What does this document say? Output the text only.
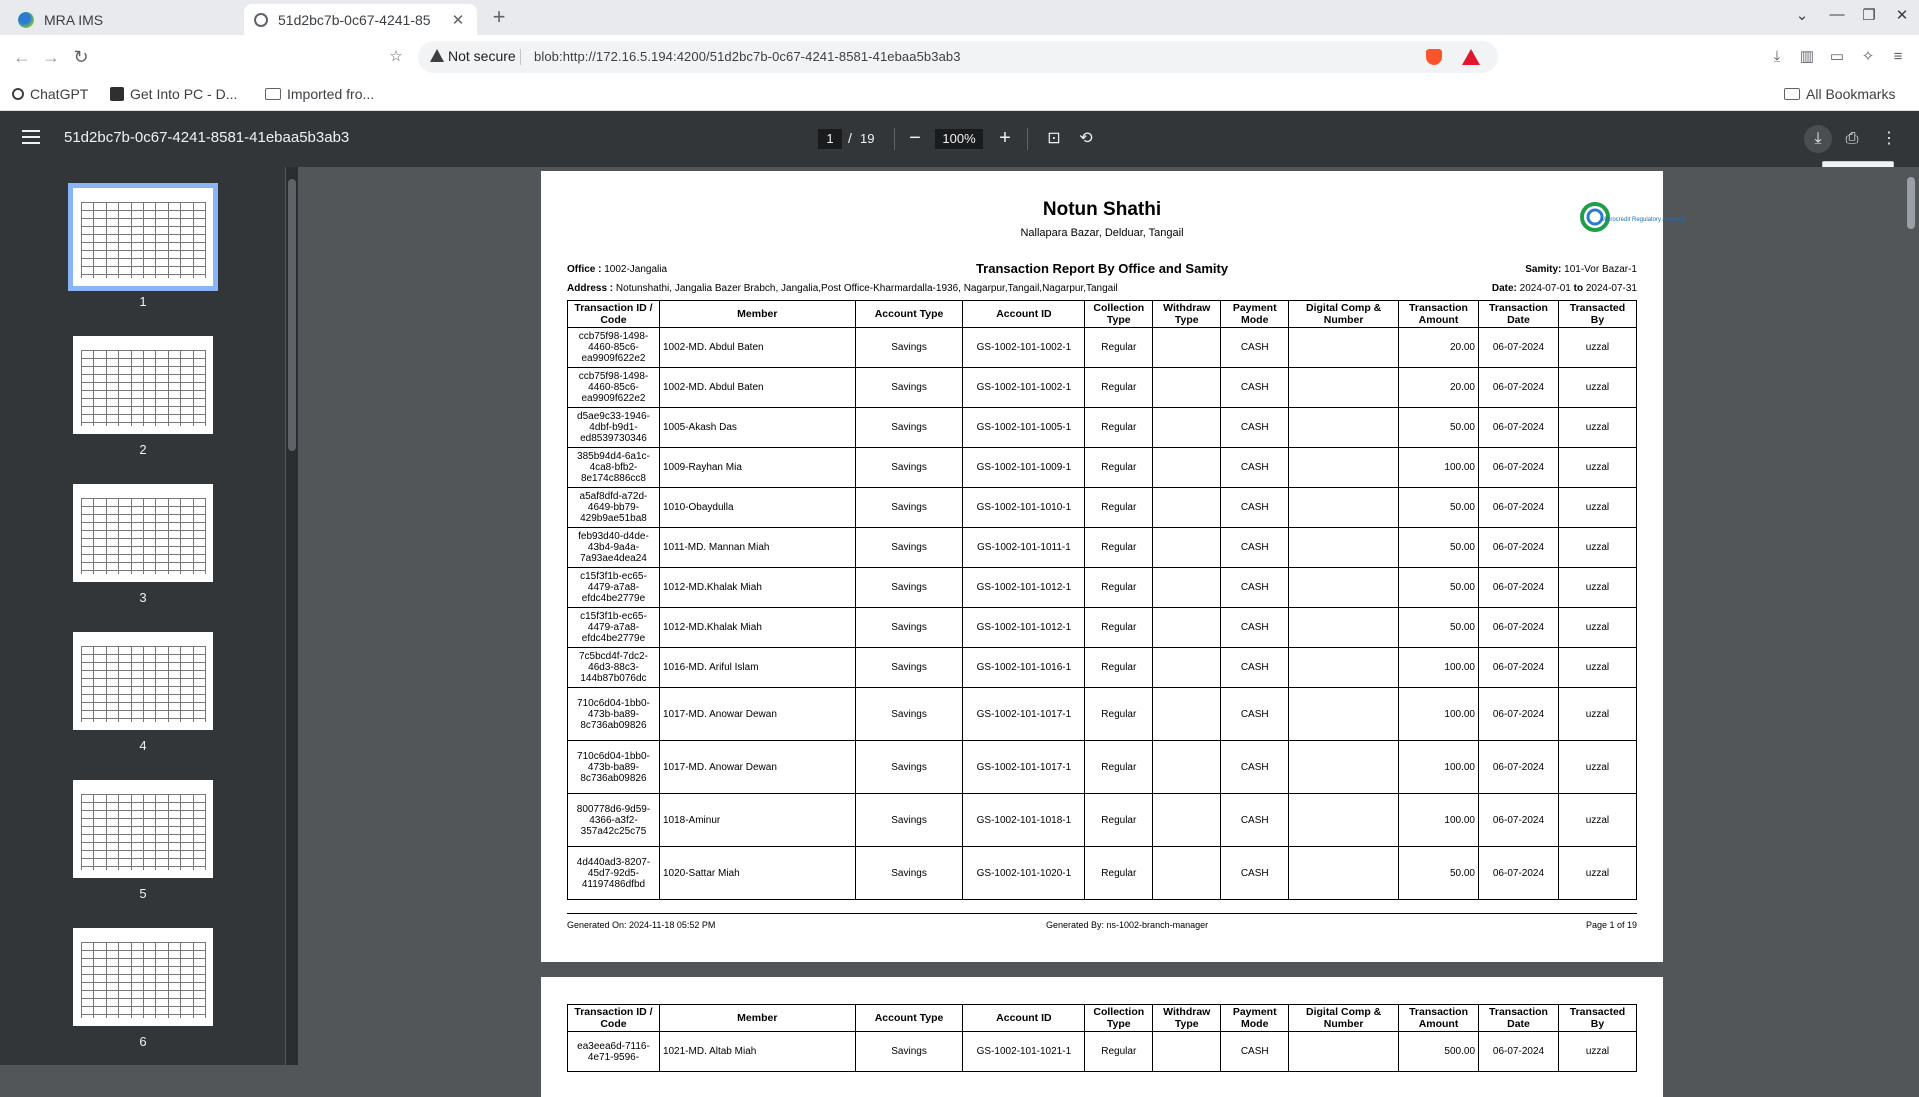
MRA IMS	51d2bc7b-0c67-4241-85	✕ +	⌄	—	❐	✕
← → ↻	☆	Not secure blob:http://172.16.5.194:4200/51d2bc7b-0c67-4241-8581-41ebaa5b3ab3	⤓	▥ ▭ ✧	≡
ChatGPT	Get Into PC - D...	Imported fro...	All Bookmarks
51d2bc7b-0c67-4241-8581-41ebaa5b3ab3	1	/ 19	−	100%	+	⊡ ⟲	⤓	⎙ ⋮
1
2
3
4
5
6
Notun Shathi
Nallapara Bazar, Delduar, Tangail
Microcredit Regulatory Authority
Transaction Report By Office and Samity
Office : 1002-Jangalia	Samity: 101-Vor Bazar-1
Address : Notunshathi, Jangalia Bazer Brabch, Jangalia,Post Office-Kharmardalla-1936, Nagarpur,Tangail,Nagarpur,Tangail	Date: 2024-07-01 to 2024-07-31
Transaction ID / Code	Member	Account Type	Account ID	Collection Type	Withdraw Type	Payment Mode	Digital Comp & Number	Transaction Amount	Transaction Date	Transacted By
ccb75f98-1498-4460-85c6-ea9909f622e2	1002-MD. Abdul Baten	Savings	GS-1002-101-1002-1	Regular		CASH		20.00	06-07-2024	uzzal
ccb75f98-1498-4460-85c6-ea9909f622e2	1002-MD. Abdul Baten	Savings	GS-1002-101-1002-1	Regular		CASH		20.00	06-07-2024	uzzal
d5ae9c33-1946-4dbf-b9d1-ed8539730346	1005-Akash Das	Savings	GS-1002-101-1005-1	Regular		CASH		50.00	06-07-2024	uzzal
385b94d4-6a1c-4ca8-bfb2-8e174c886cc8	1009-Rayhan Mia	Savings	GS-1002-101-1009-1	Regular		CASH		100.00	06-07-2024	uzzal
a5af8dfd-a72d-4649-bb79-429b9ae51ba8	1010-Obaydulla	Savings	GS-1002-101-1010-1	Regular		CASH		50.00	06-07-2024	uzzal
feb93d40-d4de-43b4-9a4a-7a93ae4dea24	1011-MD. Mannan Miah	Savings	GS-1002-101-1011-1	Regular		CASH		50.00	06-07-2024	uzzal
c15f3f1b-ec65-4479-a7a8-efdc4be2779e	1012-MD.Khalak Miah	Savings	GS-1002-101-1012-1	Regular		CASH		50.00	06-07-2024	uzzal
c15f3f1b-ec65-4479-a7a8-efdc4be2779e	1012-MD.Khalak Miah	Savings	GS-1002-101-1012-1	Regular		CASH		50.00	06-07-2024	uzzal
7c5bcd4f-7dc2-46d3-88c3-144b87b076dc	1016-MD. Ariful Islam	Savings	GS-1002-101-1016-1	Regular		CASH		100.00	06-07-2024	uzzal
710c6d04-1bb0-473b-ba89-8c736ab09826	1017-MD. Anowar Dewan	Savings	GS-1002-101-1017-1	Regular		CASH		100.00	06-07-2024	uzzal
710c6d04-1bb0-473b-ba89-8c736ab09826	1017-MD. Anowar Dewan	Savings	GS-1002-101-1017-1	Regular		CASH		100.00	06-07-2024	uzzal
800778d6-9d59-4366-a3f2-357a42c25c75	1018-Aminur	Savings	GS-1002-101-1018-1	Regular		CASH		100.00	06-07-2024	uzzal
4d440ad3-8207-45d7-92d5-41197486dfbd	1020-Sattar Miah	Savings	GS-1002-101-1020-1	Regular		CASH		50.00	06-07-2024	uzzal
Generated On: 2024-11-18 05:52 PM	Generated By: ns-1002-branch-manager	Page 1 of 19
Transaction ID / Code	Member	Account Type	Account ID	Collection Type	Withdraw Type	Payment Mode	Digital Comp & Number	Transaction Amount	Transaction Date	Transacted By
ea3eea6d-7116-4e71-9596-	1021-MD. Altab Miah	Savings	GS-1002-101-1021-1	Regular		CASH		500.00	06-07-2024	uzzal
